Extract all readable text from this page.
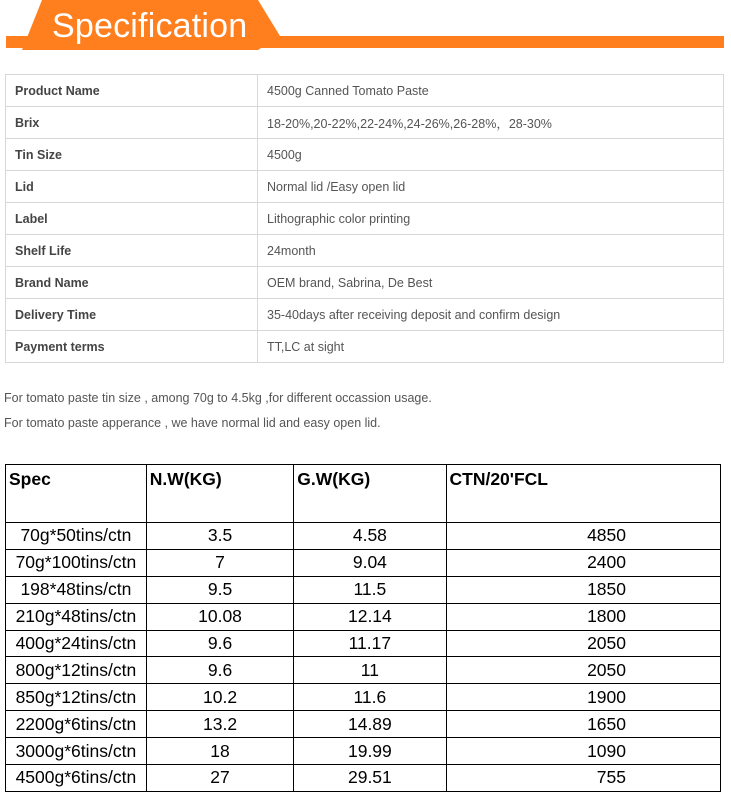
Specification
Product Name	4500g Canned Tomato Paste
Brix	18-20%,20-22%,22-24%,24-26%,26-28%，28-30%
Tin Size	4500g
Lid	Normal lid /Easy open lid
Label	Lithographic color printing
Shelf Life	24month
Brand Name	OEM brand, Sabrina, De Best
Delivery Time	35-40days after receiving deposit and confirm design
Payment terms	TT,LC at sight
For tomato paste tin size , among 70g to 4.5kg ,for different occassion usage.
For tomato paste apperance , we have normal lid and easy open lid.
Spec	N.W(KG)	G.W(KG)	CTN/20'FCL
70g*50tins/ctn	3.5	4.58	4850
70g*100tins/ctn	7	9.04	2400
198*48tins/ctn	9.5	11.5	1850
210g*48tins/ctn	10.08	12.14	1800
400g*24tins/ctn	9.6	11.17	2050
800g*12tins/ctn	9.6	11	2050
850g*12tins/ctn	10.2	11.6	1900
2200g*6tins/ctn	13.2	14.89	1650
3000g*6tins/ctn	18	19.99	1090
4500g*6tins/ctn	27	29.51	755
